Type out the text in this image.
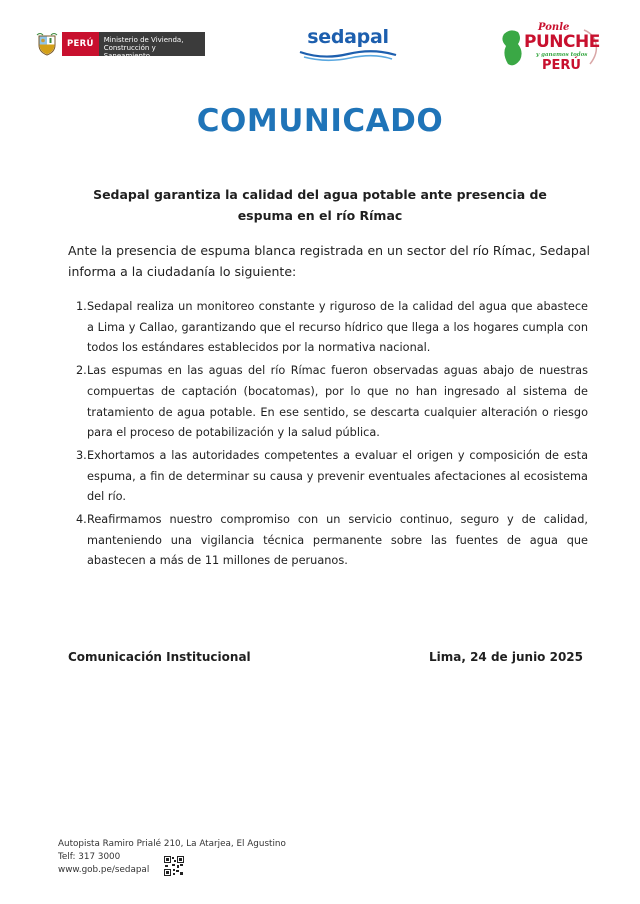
PERÚ	Ministerio de Vivienda, Construcción y Saneamiento
sedapal	Ponle
PUNCHE
y ganamos todos
PERÚ
COMUNICADO

Sedapal garantiza la calidad del agua potable ante presencia de espuma en el río Rímac

Ante la presencia de espuma blanca registrada en un sector del río Rímac, Sedapal informa a la ciudadanía lo siguiente:

1. Sedapal realiza un monitoreo constante y riguroso de la calidad del agua que abastece a Lima y Callao, garantizando que el recurso hídrico que llega a los hogares cumpla con todos los estándares establecidos por la normativa nacional.
2. Las espumas en las aguas del río Rímac fueron observadas aguas abajo de nuestras compuertas de captación (bocatomas), por lo que no han ingresado al sistema de tratamiento de agua potable. En ese sentido, se descarta cualquier alteración o riesgo para el proceso de potabilización y la salud pública.
3. Exhortamos a las autoridades competentes a evaluar el origen y composición de esta espuma, a fin de determinar su causa y prevenir eventuales afectaciones al ecosistema del río.
4. Reafirmamos nuestro compromiso con un servicio continuo, seguro y de calidad, manteniendo una vigilancia técnica permanente sobre las fuentes de agua que abastecen a más de 11 millones de peruanos.
Comunicación Institucional	Lima, 24 de junio 2025
Autopista Ramiro Prialé 210, La Atarjea, El Agustino
Telf: 317 3000
www.gob.pe/sedapal
